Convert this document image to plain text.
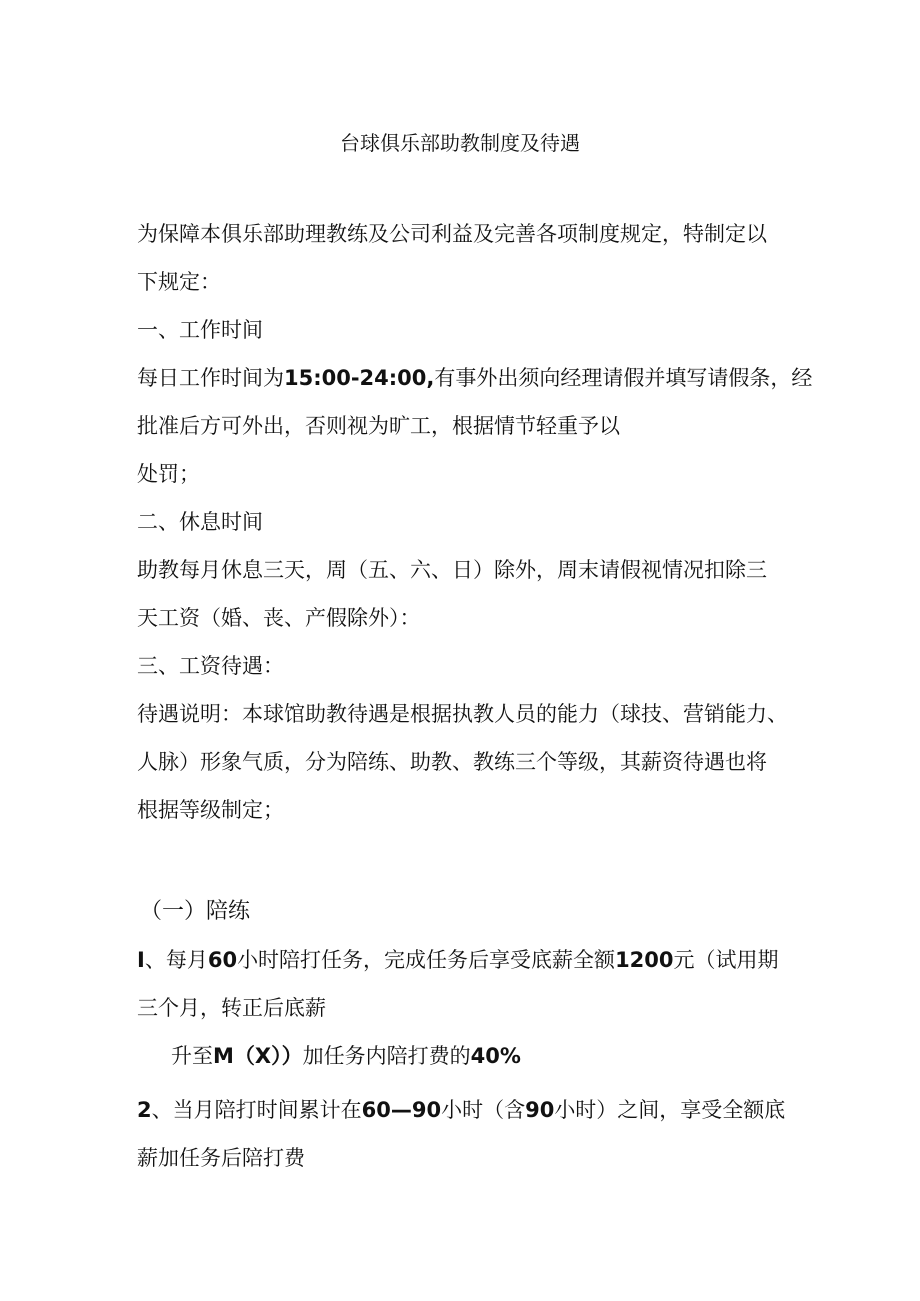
台球俱乐部助教制度及待遇
为保障本俱乐部助理教练及公司利益及完善各项制度规定，特制定以
下规定：
一、工作时间
每日工作时间为15:00-24:00,有事外出须向经理请假并填写请假条，经
批准后方可外出，否则视为旷工，根据情节轻重予以
处罚；
二、休息时间
助教每月休息三天，周（五、六、日）除外，周末请假视情况扣除三
天工资（婚、丧、产假除外）：
三、工资待遇：
待遇说明：本球馆助教待遇是根据执教人员的能力（球技、营销能力、
人脉）形象气质，分为陪练、助教、教练三个等级，其薪资待遇也将
根据等级制定；
（一）陪练
I、每月60小时陪打任务，完成任务后享受底薪全额1200元（试用期
三个月，转正后底薪
升至M（X））加任务内陪打费的40%
2、当月陪打时间累计在60—90小时（含90小时）之间，享受全额底
薪加任务后陪打费
